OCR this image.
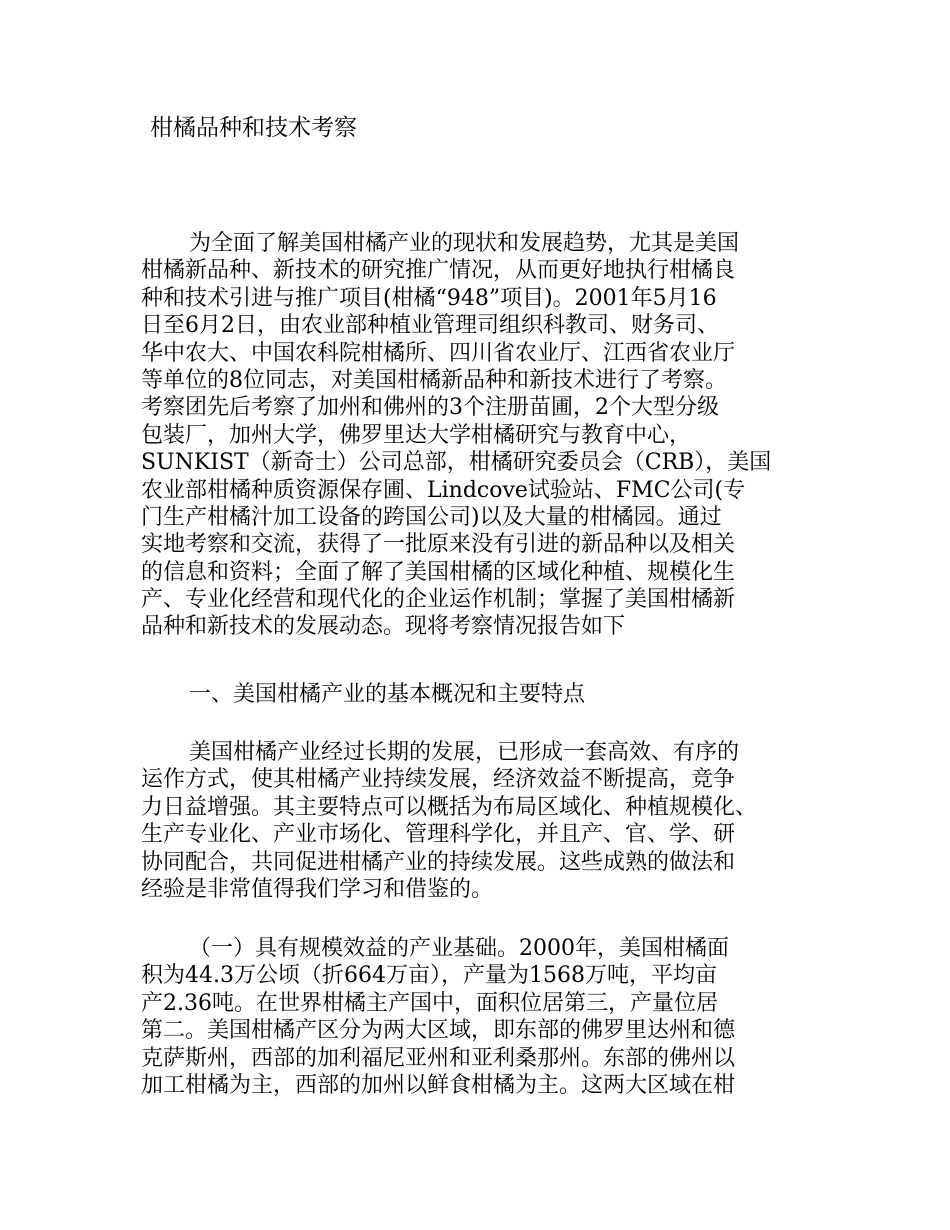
柑橘品种和技术考察
为全面了解美国柑橘产业的现状和发展趋势，尤其是美国
柑橘新品种、新技术的研究推广情况，从而更好地执行柑橘良
种和技术引进与推广项目(柑橘“948”项目)。2001年5月16
日至6月2日，由农业部种植业管理司组织科教司、财务司、
华中农大、中国农科院柑橘所、四川省农业厅、江西省农业厅
等单位的8位同志，对美国柑橘新品种和新技术进行了考察。
考察团先后考察了加州和佛州的3个注册苗圃，2个大型分级
包装厂，加州大学，佛罗里达大学柑橘研究与教育中心，
SUNKIST（新奇士）公司总部，柑橘研究委员会（CRB），美国
农业部柑橘种质资源保存圃、Lindcove试验站、FMC公司(专
门生产柑橘汁加工设备的跨国公司)以及大量的柑橘园。通过
实地考察和交流，获得了一批原来没有引进的新品种以及相关
的信息和资料；全面了解了美国柑橘的区域化种植、规模化生
产、专业化经营和现代化的企业运作机制；掌握了美国柑橘新
品种和新技术的发展动态。现将考察情况报告如下
一、美国柑橘产业的基本概况和主要特点
美国柑橘产业经过长期的发展，已形成一套高效、有序的
运作方式，使其柑橘产业持续发展，经济效益不断提高，竞争
力日益增强。其主要特点可以概括为布局区域化、种植规模化、
生产专业化、产业市场化、管理科学化，并且产、官、学、研
协同配合，共同促进柑橘产业的持续发展。这些成熟的做法和
经验是非常值得我们学习和借鉴的。
（一）具有规模效益的产业基础。2000年，美国柑橘面
积为44.3万公顷（折664万亩），产量为1568万吨，平均亩
产2.36吨。在世界柑橘主产国中，面积位居第三，产量位居
第二。美国柑橘产区分为两大区域，即东部的佛罗里达州和德
克萨斯州，西部的加利福尼亚州和亚利桑那州。东部的佛州以
加工柑橘为主，西部的加州以鲜食柑橘为主。这两大区域在柑
